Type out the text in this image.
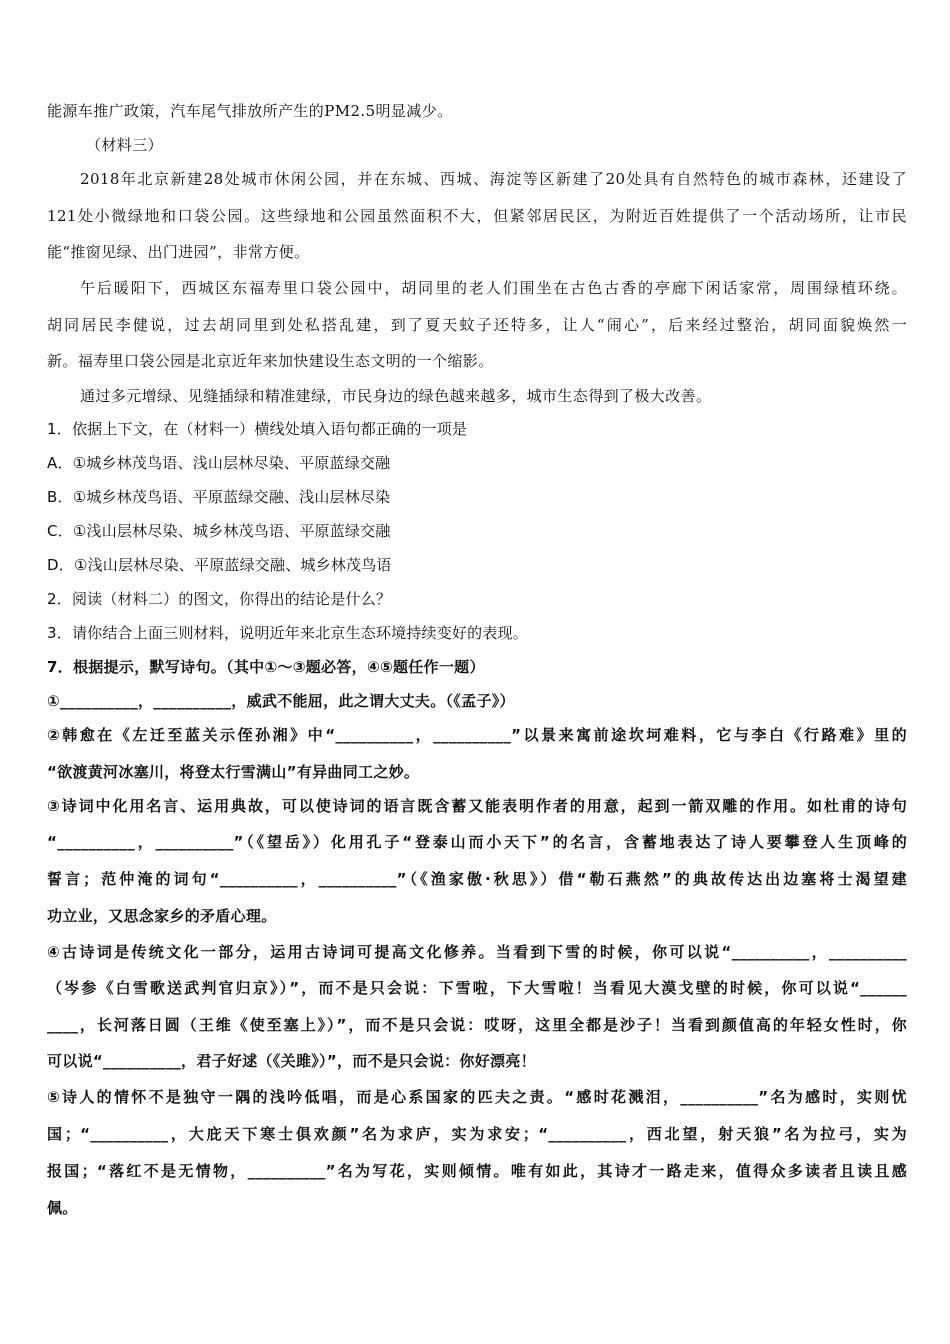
能源车推广政策，汽车尾气排放所产生的PM2.5明显减少。
（材料三）
2018年北京新建28处城市休闲公园，并在东城、西城、海淀等区新建了20处具有自然特色的城市森林，还建设了
121处小微绿地和口袋公园。这些绿地和公园虽然面积不大，但紧邻居民区，为附近百姓提供了一个活动场所，让市民
能“推窗见绿、出门进园”，非常方便。
午后暖阳下，西城区东福寿里口袋公园中，胡同里的老人们围坐在古色古香的亭廊下闲话家常，周围绿植环绕。
胡同居民李健说，过去胡同里到处私搭乱建，到了夏天蚊子还特多，让人“闹心”，后来经过整治，胡同面貌焕然一
新。福寿里口袋公园是北京近年来加快建设生态文明的一个缩影。
通过多元增绿、见缝插绿和精准建绿，市民身边的绿色越来越多，城市生态得到了极大改善。
1．依据上下文，在（材料一）横线处填入语句都正确的一项是
A．①城乡林茂鸟语、浅山层林尽染、平原蓝绿交融
B．①城乡林茂鸟语、平原蓝绿交融、浅山层林尽染
C．①浅山层林尽染、城乡林茂鸟语、平原蓝绿交融
D．①浅山层林尽染、平原蓝绿交融、城乡林茂鸟语
2．阅读（材料二）的图文，你得出的结论是什么？
3．请你结合上面三则材料，说明近年来北京生态环境持续变好的表现。
7．根据提示，默写诗句。（其中①～③题必答，④⑤题任作一题）
①__________，__________，威武不能屈，此之谓大丈夫。（《孟子》）
②韩愈在《左迁至蓝关示侄孙湘》中“__________，__________”以景来寓前途坎坷难料，它与李白《行路难》里的
“欲渡黄河冰塞川，将登太行雪满山”有异曲同工之妙。
③诗词中化用名言、运用典故，可以使诗词的语言既含蓄又能表明作者的用意，起到一箭双雕的作用。如杜甫的诗句
“__________，__________”（《望岳》）化用孔子“登泰山而小天下”的名言，含蓄地表达了诗人要攀登人生顶峰的
誓言；范仲淹的词句“__________，__________”（《渔家傲·秋思》）借“勒石燕然”的典故传达出边塞将士渴望建
功立业，又思念家乡的矛盾心理。
④古诗词是传统文化一部分，运用古诗词可提高文化修养。当看到下雪的时候，你可以说“__________，__________
（岑参《白雪歌送武判官归京》）”，而不是只会说：下雪啦，下大雪啦！当看见大漠戈壁的时候，你可以说“______
____，长河落日圆（王维《使至塞上》）”，而不是只会说：哎呀，这里全都是沙子！当看到颜值高的年轻女性时，你
可以说“__________，君子好逑（《关雎》）”，而不是只会说：你好漂亮！
⑤诗人的情怀不是独守一隅的浅吟低唱，而是心系国家的匹夫之责。“感时花溅泪，__________”名为感时，实则忧
国；“__________，大庇天下寒士俱欢颜”名为求庐，实为求安；“__________，西北望，射天狼”名为拉弓，实为
报国；“落红不是无情物，__________”名为写花，实则倾情。唯有如此，其诗才一路走来，值得众多读者且读且感
佩。
